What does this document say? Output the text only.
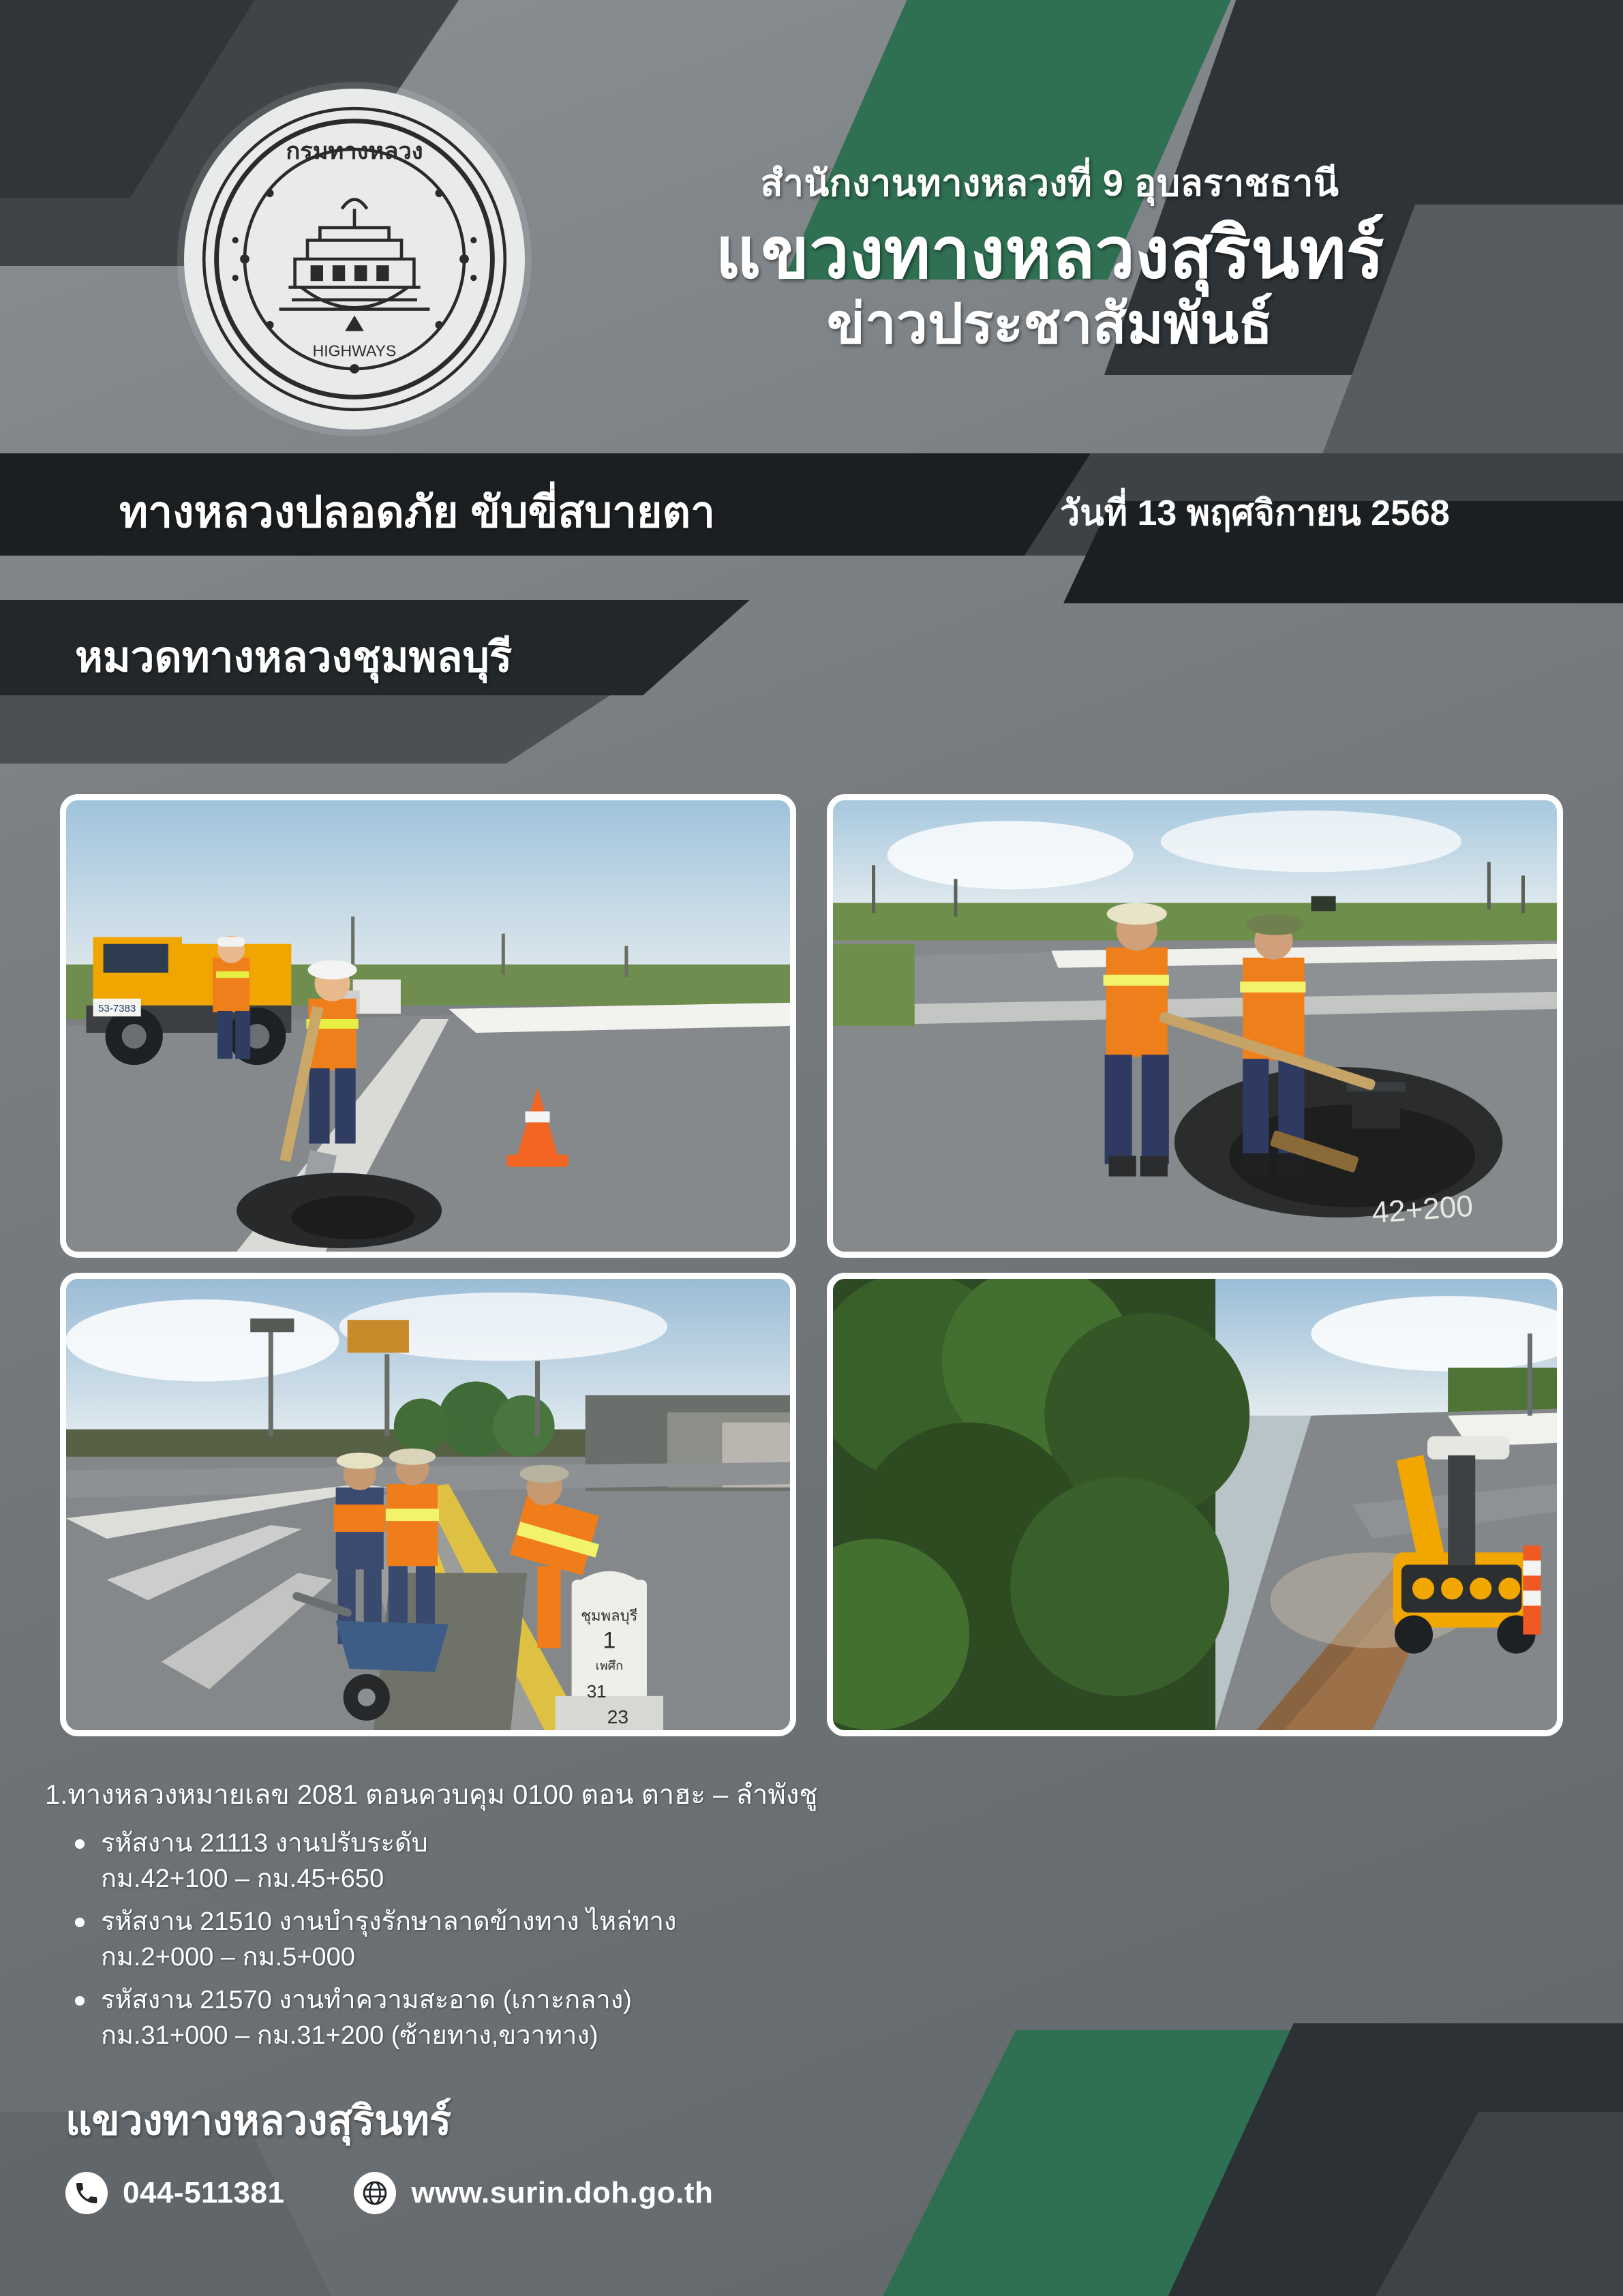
กรมทางหลวง
HIGHWAYS
สำนักงานทางหลวงที่ 9 อุบลราชธานี
แขวงทางหลวงสุรินทร์
ข่าวประชาสัมพันธ์
ทางหลวงปลอดภัย ขับขี่สบายตา	วันที่ 13 พฤศจิกายน 2568
หมวดทางหลวงชุมพลบุรี
53-7383
42+200
ชุมพลบุรี
1
เพศึก
31
23
1.ทางหลวงหมายเลข 2081 ตอนควบคุม 0100 ตอน ตาฮะ – ลำพังชู
รหัสงาน 21113 งานปรับระดับ
กม.42+100 – กม.45+650
รหัสงาน 21510 งานบำรุงรักษาลาดข้างทาง ไหล่ทาง
กม.2+000 – กม.5+000
รหัสงาน 21570 งานทำความสะอาด (เกาะกลาง)
กม.31+000 – กม.31+200 (ซ้ายทาง,ขวาทาง)
แขวงทางหลวงสุรินทร์
044-511381	www.surin.doh.go.th
